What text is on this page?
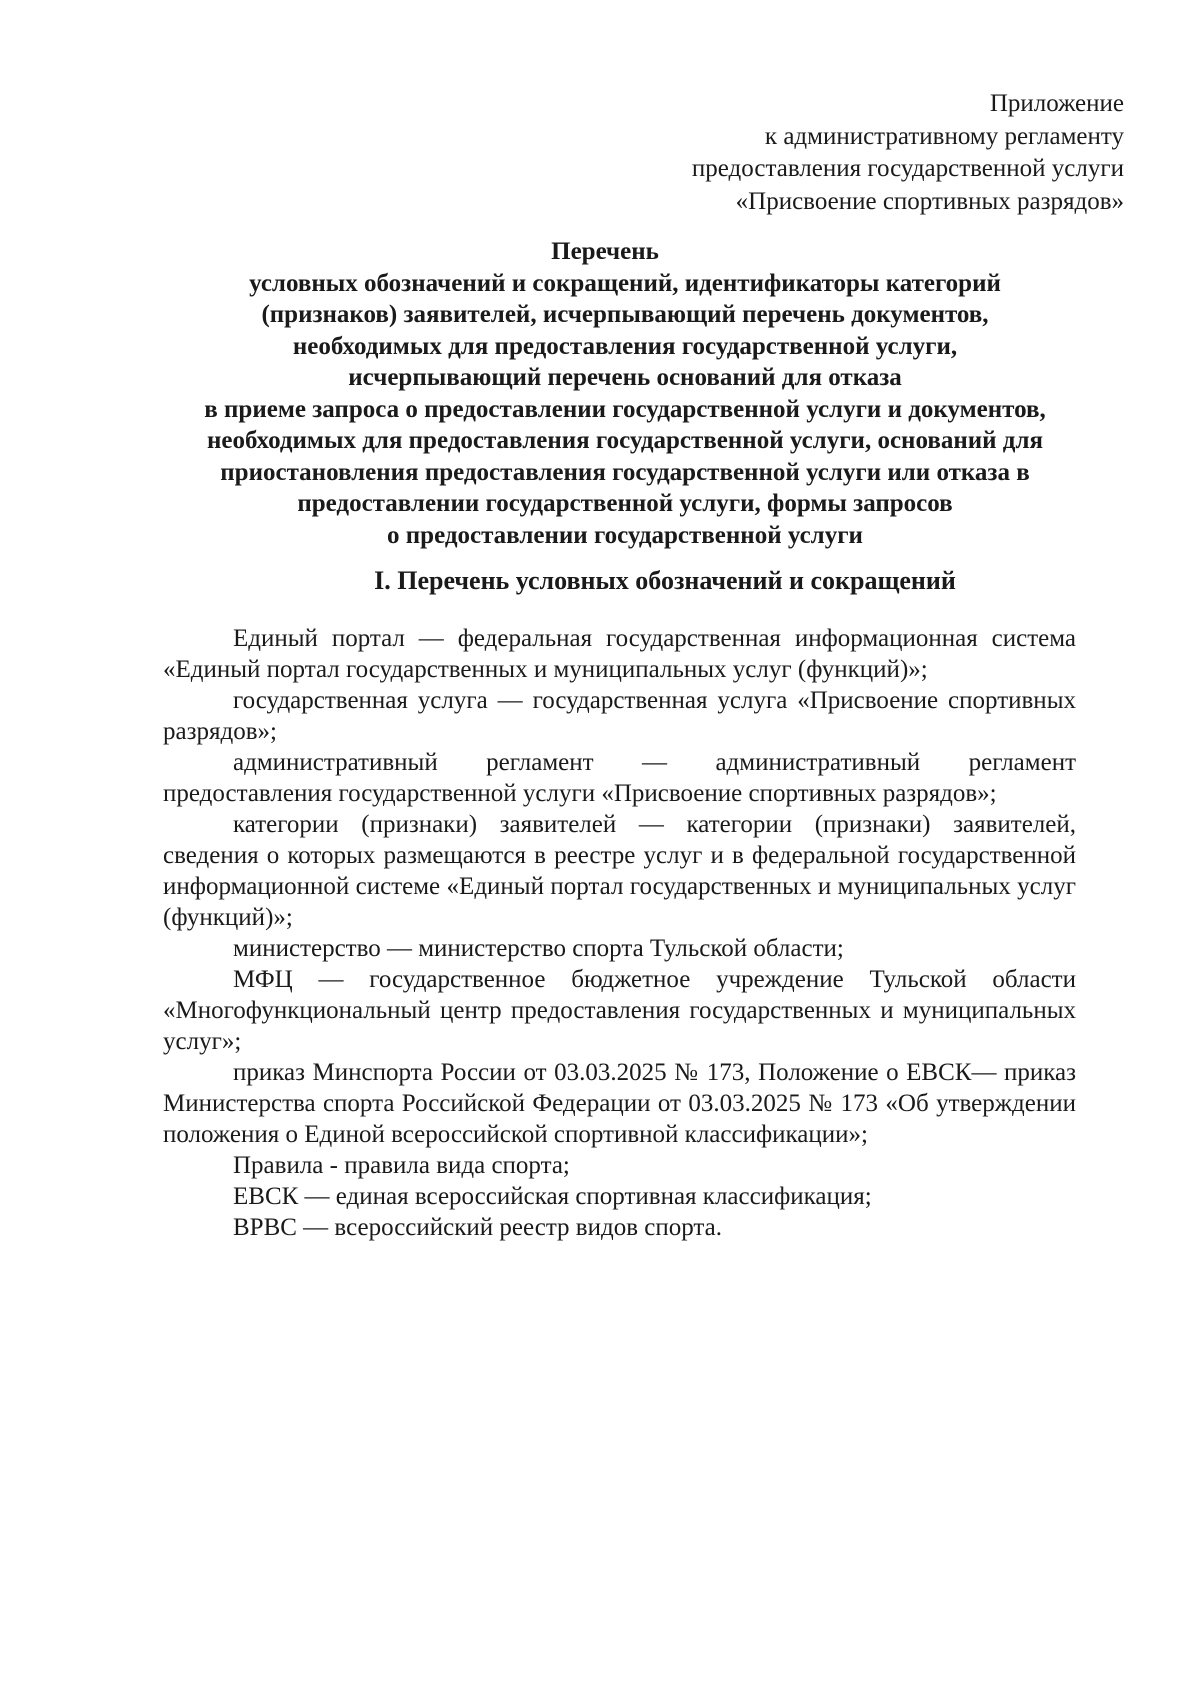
Приложение
к административному регламенту
предоставления государственной услуги
«Присвоение спортивных разрядов»
Перечень
условных обозначений и сокращений, идентификаторы категорий
(признаков) заявителей, исчерпывающий перечень документов,
необходимых для предоставления государственной услуги,
исчерпывающий перечень оснований для отказа
в приеме запроса о предоставлении государственной услуги и документов,
необходимых для предоставления государственной услуги, оснований для
приостановления предоставления государственной услуги или отказа в
предоставлении государственной услуги, формы запросов
о предоставлении государственной услуги
I. Перечень условных обозначений и сокращений

Единый портал — федеральная государственная информационная система «Единый портал государственных и муниципальных услуг (функций)»;

государственная услуга — государственная услуга «Присвоение спортивных разрядов»;

административный регламент — административный регламент предоставления государственной услуги «Присвоение спортивных разрядов»;

категории (признаки) заявителей — категории (признаки) заявителей, сведения о которых размещаются в реестре услуг и в федеральной государственной информационной системе «Единый портал государственных и муниципальных услуг (функций)»;

министерство — министерство спорта Тульской области;

МФЦ — государственное бюджетное учреждение Тульской области «Многофункциональный центр предоставления государственных и муниципальных услуг»;

приказ Минспорта России от 03.03.2025 № 173, Положение о ЕВСК— приказ Министерства спорта Российской Федерации от 03.03.2025 № 173 «Об утверждении положения о Единой всероссийской спортивной классификации»;

Правила - правила вида спорта;

ЕВСК — единая всероссийская спортивная классификация;

ВРВС — всероссийский реестр видов спорта.
